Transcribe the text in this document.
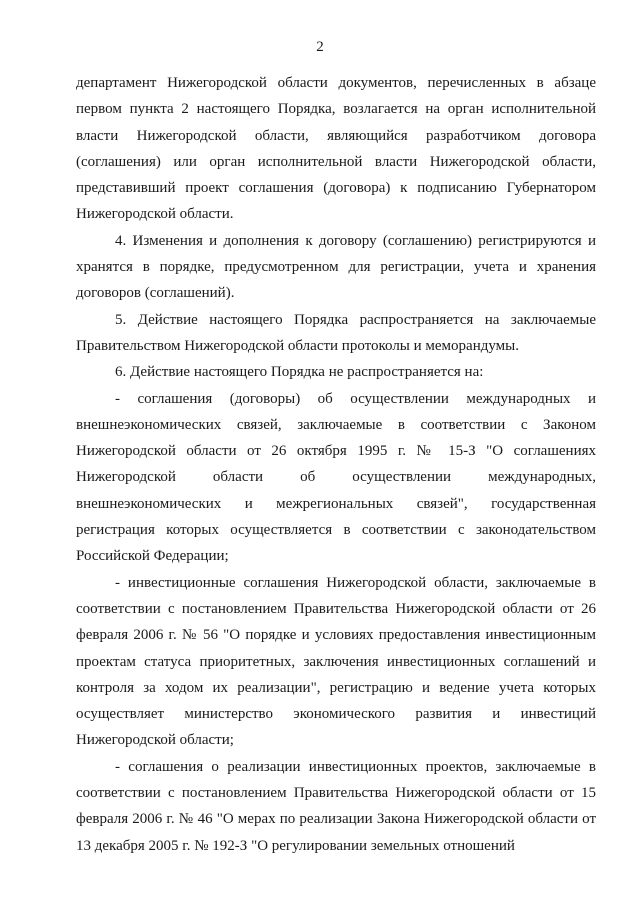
2

департамент Нижегородской области документов, перечисленных в абзаце первом пункта 2 настоящего Порядка, возлагается на орган исполнительной власти Нижегородской области, являющийся разработчиком договора (соглашения) или орган исполнительной власти Нижегородской области, представивший проект соглашения (договора) к подписанию Губернатором Нижегородской области.

4. Изменения и дополнения к договору (соглашению) регистрируются и хранятся в порядке, предусмотренном для регистрации, учета и хранения договоров (соглашений).

5. Действие настоящего Порядка распространяется на заключаемые Правительством Нижегородской области протоколы и меморандумы.

6. Действие настоящего Порядка не распространяется на:

- соглашения (договоры) об осуществлении международных и внешнеэкономических связей, заключаемые в соответствии с Законом Нижегородской области от 26 октября 1995 г. № 15-З "О соглашениях Нижегородской области об осуществлении международных, внешнеэкономических и межрегиональных связей", государственная регистрация которых осуществляется в соответствии с законодательством Российской Федерации;

- инвестиционные соглашения Нижегородской области, заключаемые в соответствии с постановлением Правительства Нижегородской области от 26 февраля 2006 г. № 56 "О порядке и условиях предоставления инвестиционным проектам статуса приоритетных, заключения инвестиционных соглашений и контроля за ходом их реализации", регистрацию и ведение учета которых осуществляет министерство экономического развития и инвестиций Нижегородской области;

- соглашения о реализации инвестиционных проектов, заключаемые в соответствии с постановлением Правительства Нижегородской области от 15 февраля 2006 г. № 46 "О мерах по реализации Закона Нижегородской области от 13 декабря 2005 г. № 192-З "О регулировании земельных отношений
